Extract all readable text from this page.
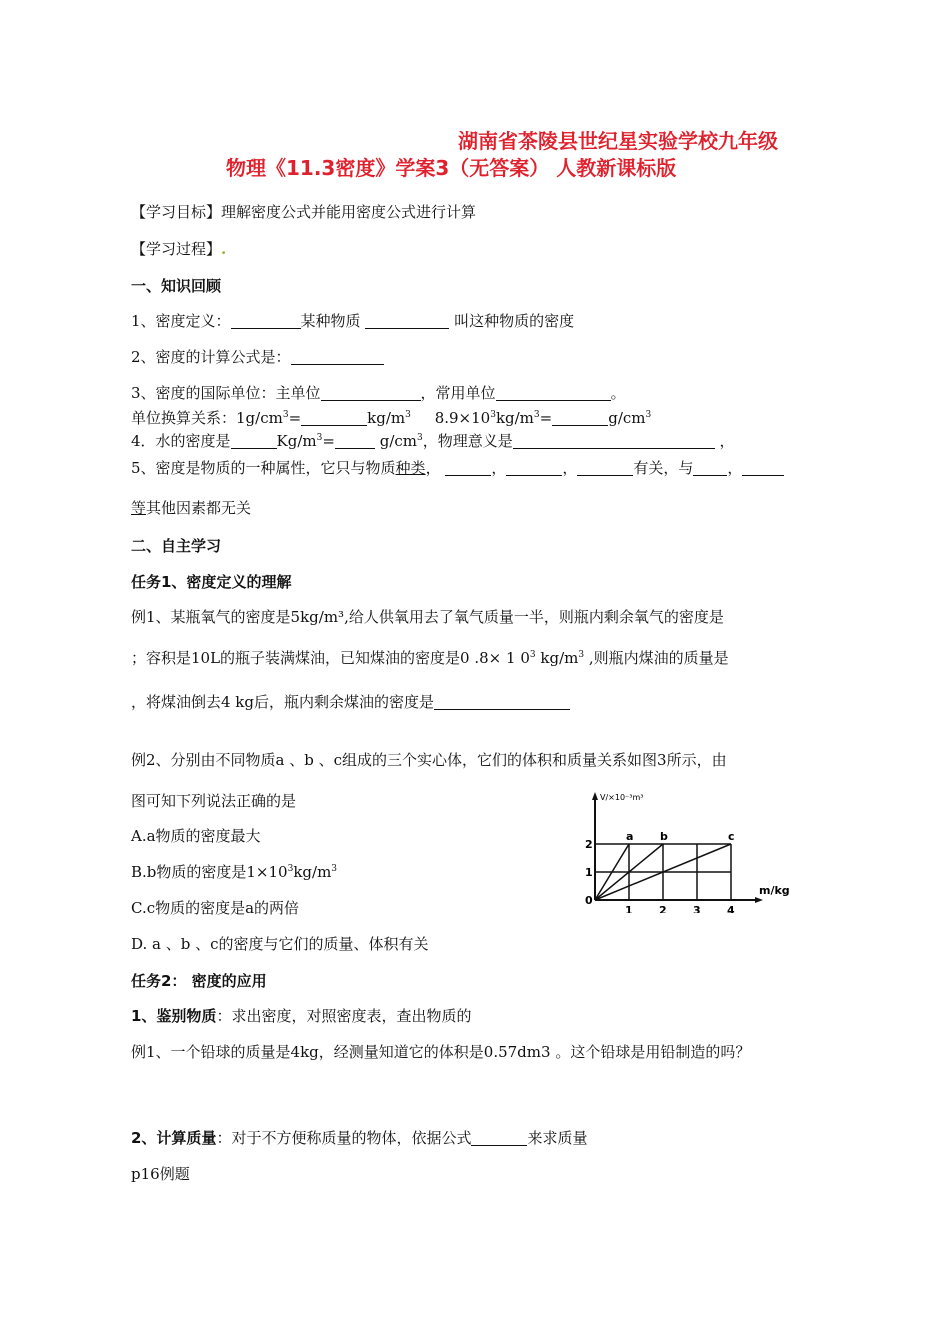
湖南省茶陵县世纪星实验学校九年级
物理《11.3密度》学案3（无答案） 人教新课标版
【学习目标】理解密度公式并能用密度公式进行计算
【学习过程】.
一、知识回顾
1、密度定义：	某种物质	叫这种物质的密度
2、密度的计算公式是：
3、密度的国际单位：主单位	，常用单位	。
单位换算关系：$1g/cm^3=$	$kg/m^3$ $8.9\times 10^3kg/m^3=$	$g/cm^3$
4．水的密度是	$Kg/m^3=$	$g/cm^3$，物理意义是	，
5、密度是物质的一种属性，它只与物质种类，	，	，	有关，与 ，
等其他因素都无关
二、自主学习
任务1、密度定义的理解
例1、某瓶氧气的密度是5kg/m³,给人供氧用去了氧气质量一半，则瓶内剩余氧气的密度是
；容积是10L的瓶子装满煤油，已知煤油的密度是0 .8× 1 $0^3$ $kg/m^3$ ,则瓶内煤油的质量是
，将煤油倒去4 kg后，瓶内剩余煤油的密度是
例2、分别由不同物质a 、b 、c组成的三个实心体，它们的体积和质量关系如图3所示，由
图可知下列说法正确的是
A.a物质的密度最大
B.b物质的密度是$1\times 10^3kg/m^3$
C.c物质的密度是a的两倍
D. a 、b 、c的密度与它们的质量、体积有关
V/×10⁻³m³
m/kg
a b	c
1 2 3 4
0
1
2
任务2： 密度的应用
1、鉴别物质：求出密度，对照密度表，查出物质的
例1、一个铅球的质量是4kg，经测量知道它的体积是0.57dm3 。这个铅球是用铅制造的吗？
2、计算质量：对于不方便称质量的物体，依据公式	来求质量
p16例题
